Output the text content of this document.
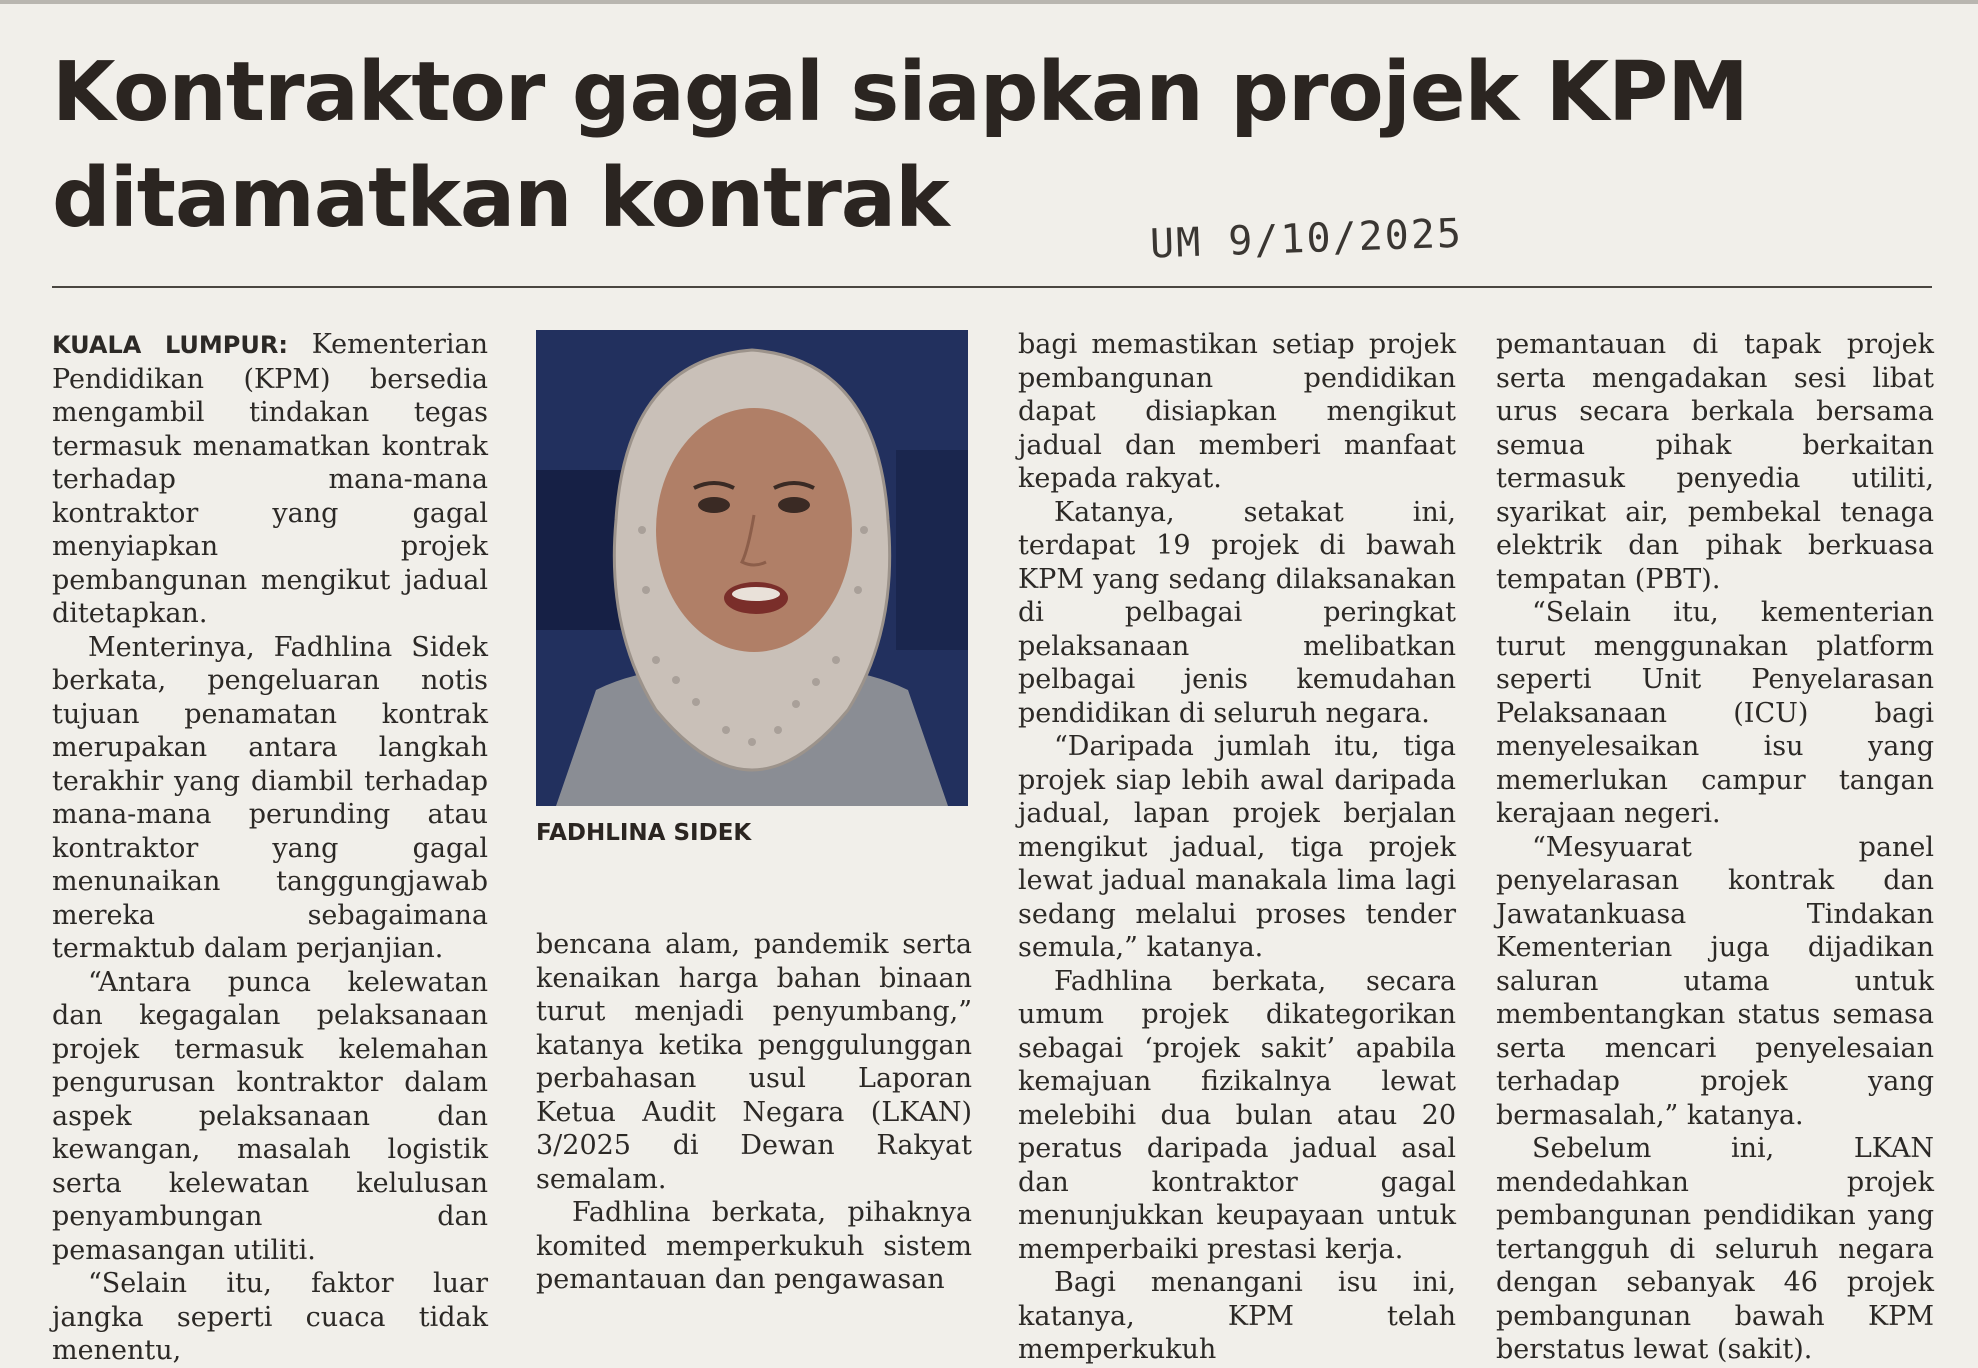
Kontraktor gagal siapkan projek KPM ditamatkan kontrak	UM 9/10/2025

KUALA LUMPUR: Kementerian Pendidikan (KPM) bersedia mengambil tindakan tegas termasuk menamatkan kontrak terhadap mana-mana kontraktor yang gagal menyiapkan projek pembangunan mengikut jadual ditetapkan.

Menterinya, Fadhlina Sidek berkata, pengeluaran notis tujuan penamatan kontrak merupakan antara langkah terakhir yang diambil terhadap mana-mana perunding atau kontraktor yang gagal menunaikan tanggungjawab mereka sebagaimana termaktub dalam perjanjian.

“Antara punca kelewatan dan kegagalan pelaksanaan projek termasuk kelemahan pengurusan kontraktor dalam aspek pelaksanaan dan kewangan, masalah logistik serta kelewatan kelulusan penyambungan dan pemasangan utiliti.

“Selain itu, faktor luar jangka seperti cuaca tidak menentu,

FADHLINA SIDEK

bencana alam, pandemik serta kenaikan harga bahan binaan turut menjadi penyumbang,” katanya ketika penggulunggan perbahasan usul Laporan Ketua Audit Negara (LKAN) 3/2025 di Dewan Rakyat semalam.

Fadhlina berkata, pihaknya komited memperkukuh sistem pemantauan dan pengawasan

bagi memastikan setiap projek pembangunan pendidikan dapat disiapkan mengikut jadual dan memberi manfaat kepada rakyat.

Katanya, setakat ini, terdapat 19 projek di bawah KPM yang sedang dilaksanakan di pelbagai peringkat pelaksanaan melibatkan pelbagai jenis kemudahan pendidikan di seluruh negara.

“Daripada jumlah itu, tiga projek siap lebih awal daripada jadual, lapan projek berjalan mengikut jadual, tiga projek lewat jadual manakala lima lagi sedang melalui proses tender semula,” katanya.

Fadhlina berkata, secara umum projek dikategorikan sebagai ‘projek sakit’ apabila kemajuan fizikalnya lewat melebihi dua bulan atau 20 peratus daripada jadual asal dan kontraktor gagal menunjukkan keupayaan untuk memperbaiki prestasi kerja.

Bagi menangani isu ini, katanya, KPM telah memperkukuh

pemantauan di tapak projek serta mengadakan sesi libat urus secara berkala bersama semua pihak berkaitan termasuk penyedia utiliti, syarikat air, pembekal tenaga elektrik dan pihak berkuasa tempatan (PBT).

“Selain itu, kementerian turut menggunakan platform seperti Unit Penyelarasan Pelaksanaan (ICU) bagi menyelesaikan isu yang memerlukan campur tangan kerajaan negeri.

“Mesyuarat panel penyelarasan kontrak dan Jawatankuasa Tindakan Kementerian juga dijadikan saluran utama untuk membentangkan status semasa serta mencari penyelesaian terhadap projek yang bermasalah,” katanya.

Sebelum ini, LKAN mendedahkan projek pembangunan pendidikan yang tertangguh di seluruh negara dengan sebanyak 46 projek pembangunan bawah KPM berstatus lewat (sakit).
